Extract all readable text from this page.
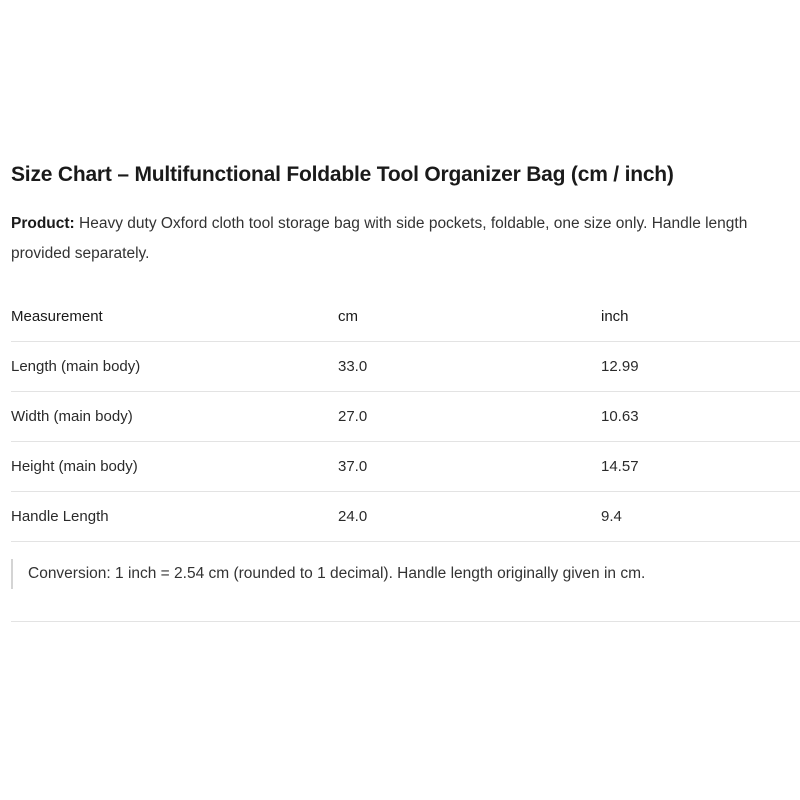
Size Chart – Multifunctional Foldable Tool Organizer Bag (cm / inch)

Product: Heavy duty Oxford cloth tool storage bag with side pockets, foldable, one size only. Handle length provided separately.

Measurement	cm	inch
Length (main body)	33.0	12.99
Width (main body)	27.0	10.63
Height (main body)	37.0	14.57
Handle Length	24.0	9.4
Conversion: 1 inch = 2.54 cm (rounded to 1 decimal). Handle length originally given in cm.
